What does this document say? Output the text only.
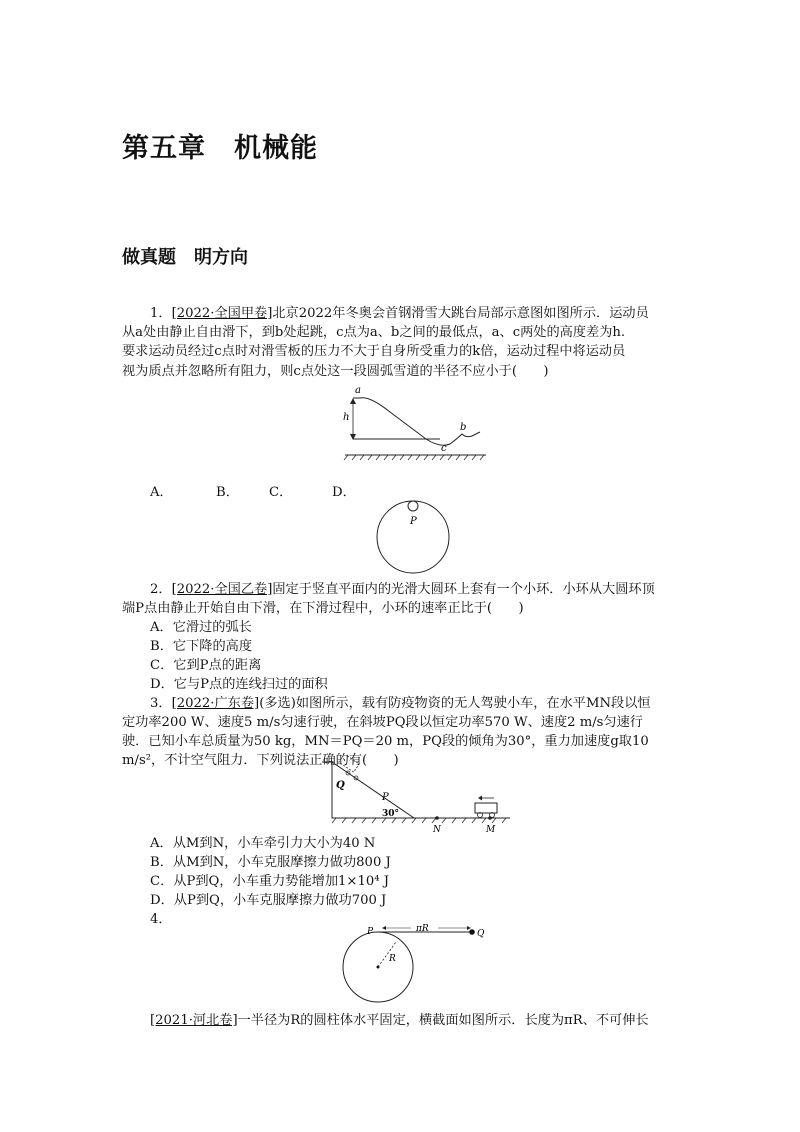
第五章　机械能
做真题　明方向
1．[2022·全国甲卷]北京2022年冬奥会首钢滑雪大跳台局部示意图如图所示．运动员
从a处由静止自由滑下，到b处起跳，c点为a、b之间的最低点，a、c两处的高度差为h.
要求运动员经过c点时对滑雪板的压力不大于自身所受重力的k倍，运动过程中将运动员
视为质点并忽略所有阻力，则c点处这一段圆弧雪道的半径不应小于(　　)
a
h
b
c
A．	B． C．	D．
P
2．[2022·全国乙卷]固定于竖直平面内的光滑大圆环上套有一个小环．小环从大圆环顶
端P点由静止开始自由下滑，在下滑过程中，小环的速率正比于(　　)
A．它滑过的弧长
B．它下降的高度
C．它到P点的距离
D．它与P点的连线扫过的面积
3．[2022·广东卷](多选)如图所示，载有防疫物资的无人驾驶小车，在水平MN段以恒
定功率200 W、速度5 m/s匀速行驶，在斜坡PQ段以恒定功率570 W、速度2 m/s匀速行
驶．已知小车总质量为50 kg，MN＝PQ＝20 m，PQ段的倾角为30°，重力加速度g取10
m/s²，不计空气阻力．下列说法正确的有(　　)
Q
P
30°
N	M
A．从M到N，小车牵引力大小为40 N
B．从M到N，小车克服摩擦力做功800 J
C．从P到Q，小车重力势能增加1×10⁴ J
D．从P到Q，小车克服摩擦力做功700 J
4．
P	πR	Q
R
[2021·河北卷]一半径为R的圆柱体水平固定，横截面如图所示．长度为πR、不可伸长
